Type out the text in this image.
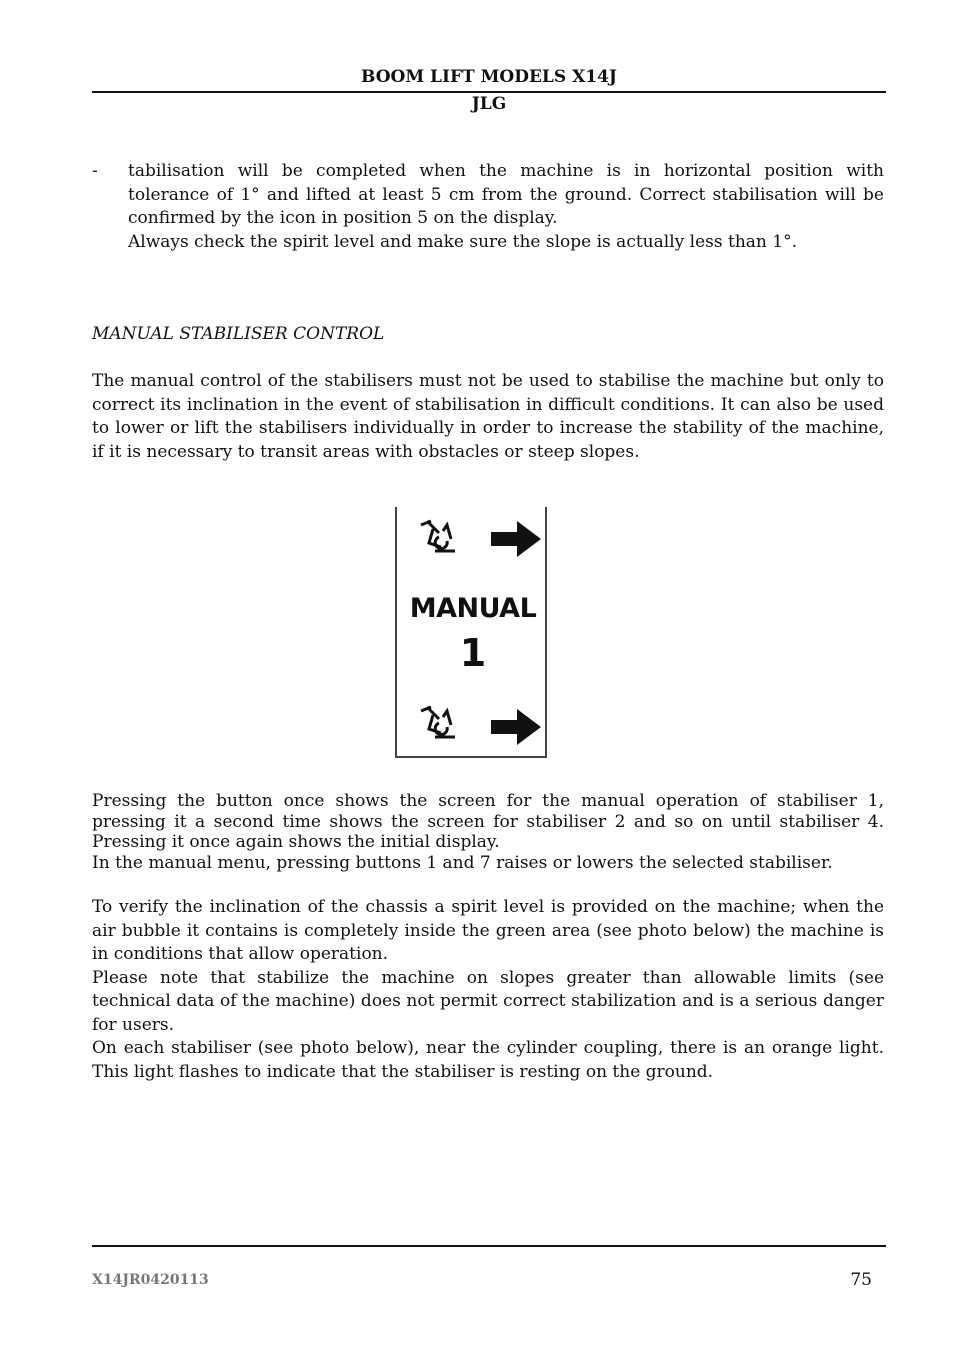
BOOM LIFT MODELS X14J
JLG
- tabilisation will be completed when the machine is in horizontal position with tolerance of 1° and lifted at least 5 cm from the ground. Correct stabilisation will be confirmed by the icon in position 5 on the display.
Always check the spirit level and make sure the slope is actually less than 1°.

MANUAL STABILISER CONTROL

The manual control of the stabilisers must not be used to stabilise the machine but only to correct its inclination in the event of stabilisation in difficult conditions. It can also be used to lower or lift the stabilisers individually in order to increase the stability of the machine, if it is necessary to transit areas with obstacles or steep slopes.

MANUAL
1

Pressing the button once shows the screen for the manual operation of stabiliser 1, pressing it a second time shows the screen for stabiliser 2 and so on until stabiliser 4. Pressing it once again shows the initial display.
In the manual menu, pressing buttons 1 and 7 raises or lowers the selected stabiliser.

To verify the inclination of the chassis a spirit level is provided on the machine; when the air bubble it contains is completely inside the green area (see photo below) the machine is in conditions that allow operation.
Please note that stabilize the machine on slopes greater than allowable limits (see technical data of the machine) does not permit correct stabilization and is a serious danger for users.

On each stabiliser (see photo below), near the cylinder coupling, there is an orange light. This light flashes to indicate that the stabiliser is resting on the ground.

X14JR0420113	75
